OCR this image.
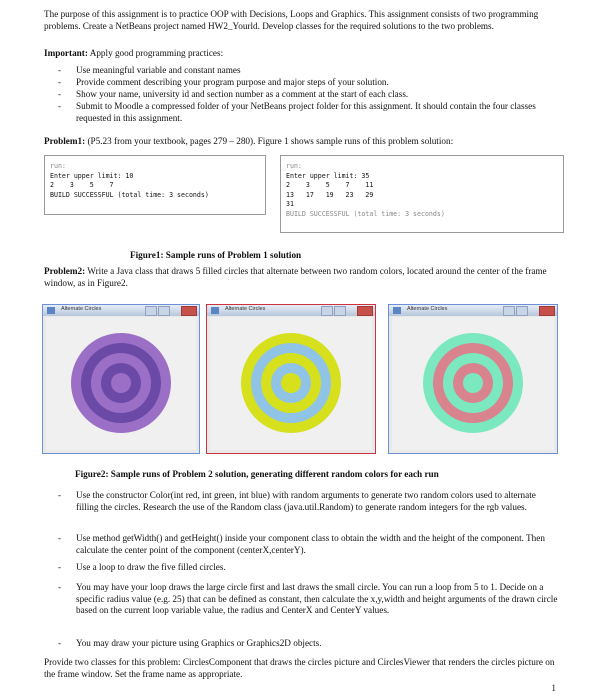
The purpose of this assignment is to practice OOP with Decisions, Loops and Graphics. This assignment consists of two programming problems. Create a NetBeans project named HW2_Yourld. Develop classes for the required solutions to the two problems.
Important: Apply good programming practices:
- Use meaningful variable and constant names
- Provide comment describing your program purpose and major steps of your solution.
- Show your name, university id and section number as a comment at the start of each class.
- Submit to Moodle a compressed folder of your NetBeans project folder for this assignment. It should contain the four classes requested in this assignment.
Problem1: (P5.23 from your textbook, pages 279 – 280). Figure 1 shows sample runs of this problem solution:
run:
Enter upper limit: 10
2    3    5    7
BUILD SUCCESSFUL (total time: 3 seconds)
run:
Enter upper limit: 35
2    3    5    7    11
13   17   19   23   29
31
BUILD SUCCESSFUL (total time: 3 seconds)
Figure1: Sample runs of Problem 1 solution
Problem2: Write a Java class that draws 5 filled circles that alternate between two random colors, located around the center of the frame window, as in Figure2.
Alternate Circles	Alternate Circles	Alternate Circles
Figure2: Sample runs of Problem 2 solution, generating different random colors for each run
- Use the constructor Color(int red, int green, int blue) with random arguments to generate two random colors used to alternate filling the circles. Research the use of the Random class (java.util.Random) to generate random integers for the rgb values.
- Use method getWidth() and getHeight() inside your component class to obtain the width and the height of the component. Then calculate the center point of the component (centerX,centerY).
- Use a loop to draw the five filled circles.
- You may have your loop draws the large circle first and last draws the small circle. You can run a loop from 5 to 1. Decide on a specific radius value (e.g. 25) that can be defined as constant, then calculate the x,y,width and height arguments of the drawn circle based on the current loop variable value, the radius and CenterX and CenterY values.
- You may draw your picture using Graphics or Graphics2D objects.
Provide two classes for this problem: CirclesComponent that draws the circles picture and CirclesViewer that renders the circles picture on the frame window. Set the frame name as appropriate.
1
